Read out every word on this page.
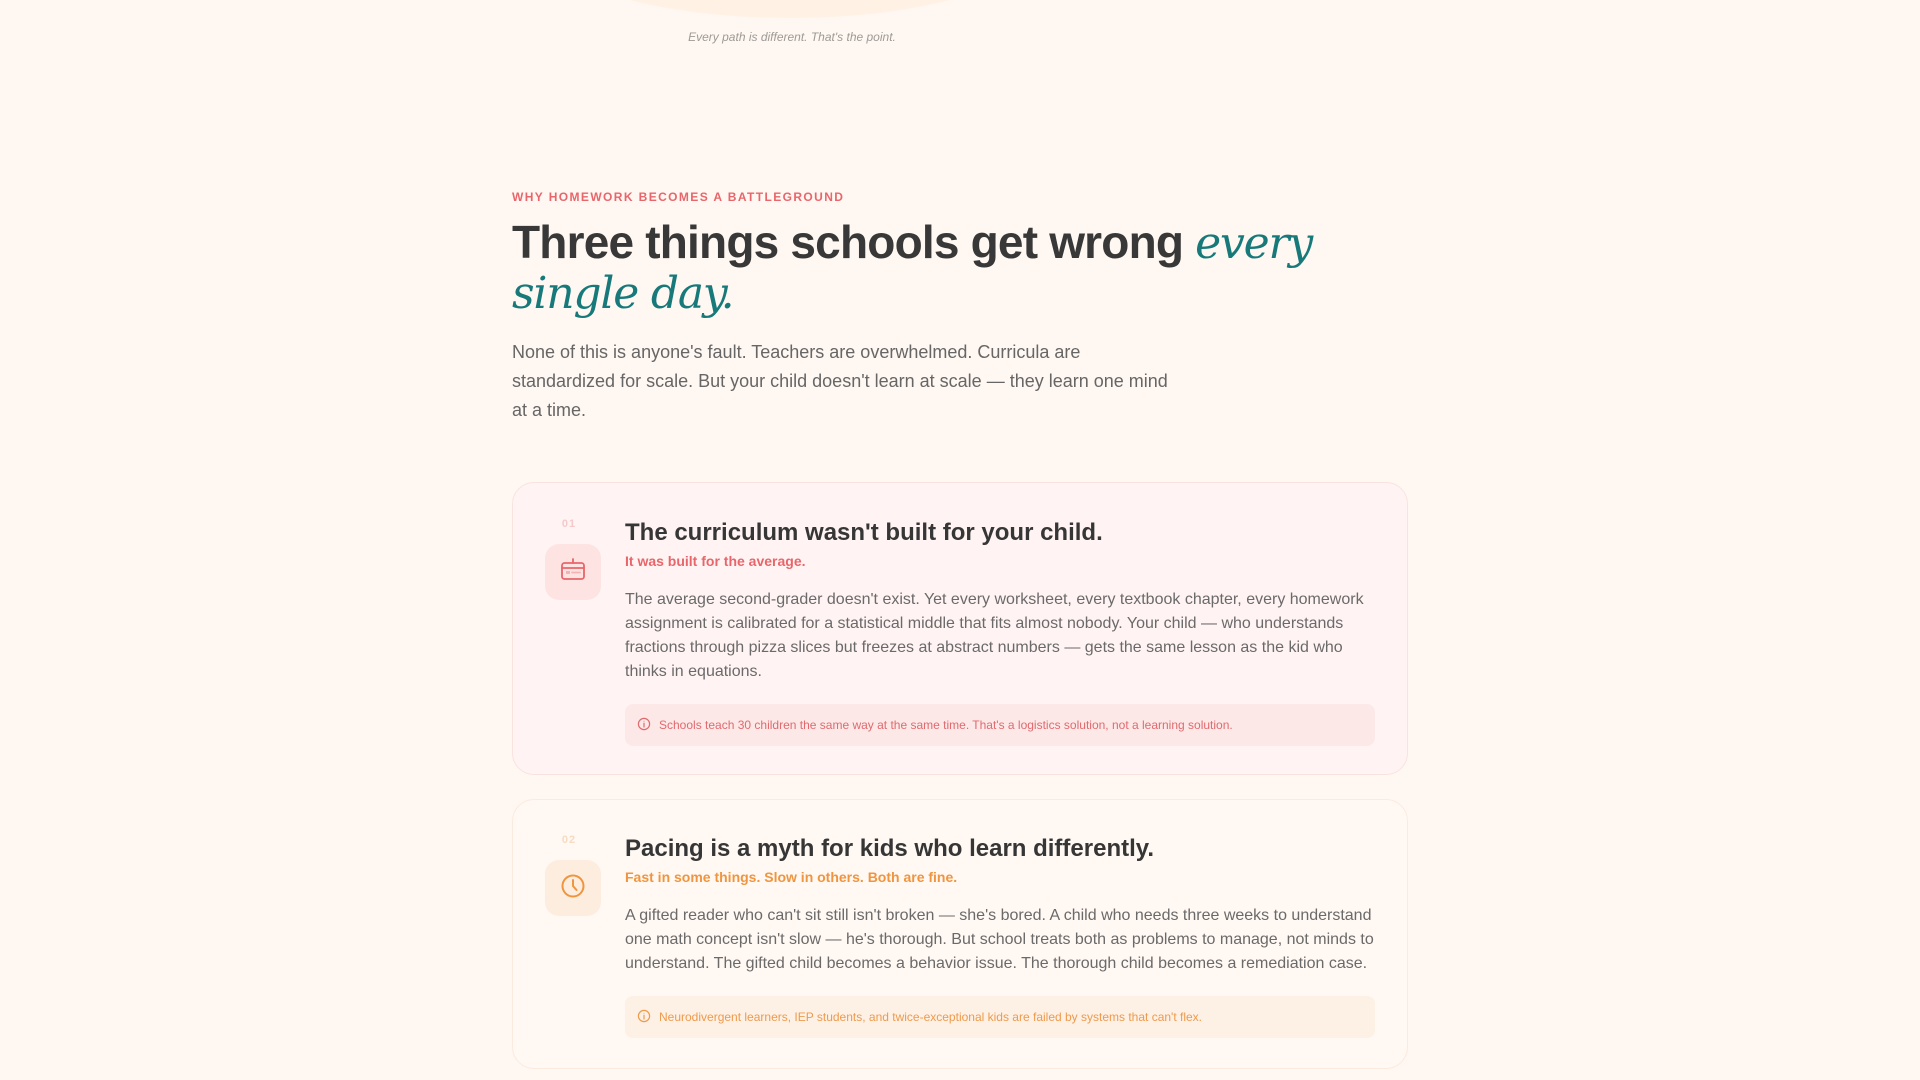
Every path is different. That's the point.
WHY HOMEWORK BECOMES A BATTLEGROUND
Three things schools get wrong every single day.

None of this is anyone's fault. Teachers are overwhelmed. Curricula are standardized for scale. But your child doesn't learn at scale — they learn one mind at a time.

01	The curriculum wasn't built for your child.
It was built for the average.

The average second-grader doesn't exist. Yet every worksheet, every textbook chapter, every homework assignment is calibrated for a statistical middle that fits almost nobody. Your child — who understands fractions through pizza slices but freezes at abstract numbers — gets the same lesson as the kid who thinks in equations.

Schools teach 30 children the same way at the same time. That's a logistics solution, not a learning solution.
02	Pacing is a myth for kids who learn differently.
Fast in some things. Slow in others. Both are fine.

A gifted reader who can't sit still isn't broken — she's bored. A child who needs three weeks to understand one math concept isn't slow — he's thorough. But school treats both as problems to manage, not minds to understand. The gifted child becomes a behavior issue. The thorough child becomes a remediation case.

Neurodivergent learners, IEP students, and twice-exceptional kids are failed by systems that can't flex.
